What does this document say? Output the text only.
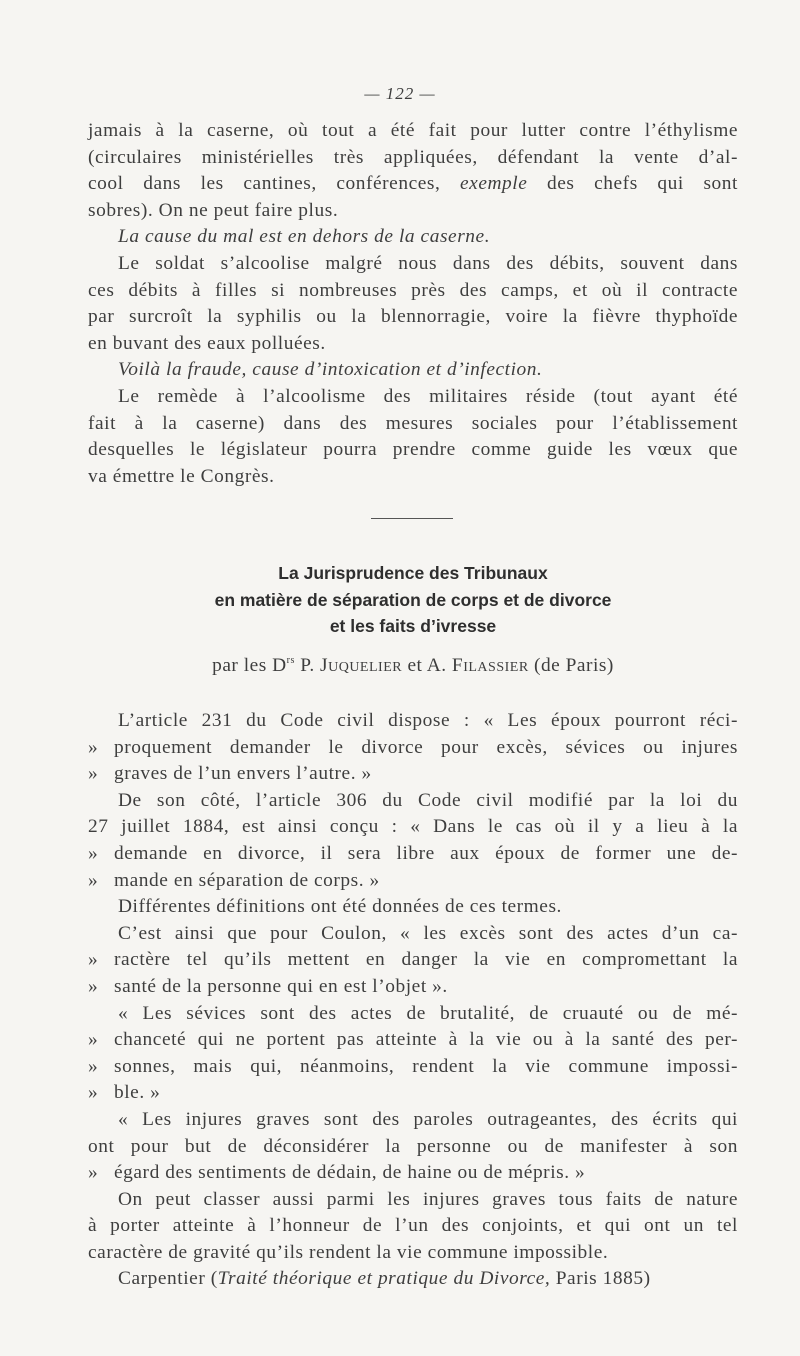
— 122 —

jamais à la caserne, où tout a été fait pour lutter contre l’éthylisme

(circulaires ministérielles très appliquées, défendant la vente d’al-

cool dans les cantines, conférences, exemple des chefs qui sont

sobres). On ne peut faire plus.

La cause du mal est en dehors de la caserne.

Le soldat s’alcoolise malgré nous dans des débits, souvent dans

ces débits à filles si nombreuses près des camps, et où il contracte

par surcroît la syphilis ou la blennorragie, voire la fièvre thyphoïde

en buvant des eaux polluées.

Voilà la fraude, cause d’intoxication et d’infection.

Le remède à l’alcoolisme des militaires réside (tout ayant été

fait à la caserne) dans des mesures sociales pour l’établissement

desquelles le législateur pourra prendre comme guide les vœux que

va émettre le Congrès.

La Jurisprudence des Tribunaux
en matière de séparation de corps et de divorce
et les faits d’ivresse
par les $D^{rs}$ P. Juquelier et A. Filassier (de Paris)

L’article 231 du Code civil dispose : « Les époux pourront réci-

» proquement demander le divorce pour excès, sévices ou injures

» graves de l’un envers l’autre. »

De son côté, l’article 306 du Code civil modifié par la loi du

27 juillet 1884, est ainsi conçu : « Dans le cas où il y a lieu à la

» demande en divorce, il sera libre aux époux de former une de-

» mande en séparation de corps. »

Différentes définitions ont été données de ces termes.

C’est ainsi que pour Coulon, « les excès sont des actes d’un ca-

» ractère tel qu’ils mettent en danger la vie en compromettant la

» santé de la personne qui en est l’objet ».

« Les sévices sont des actes de brutalité, de cruauté ou de mé-

» chanceté qui ne portent pas atteinte à la vie ou à la santé des per-

» sonnes, mais qui, néanmoins, rendent la vie commune impossi-

» ble. »

« Les injures graves sont des paroles outrageantes, des écrits qui

ont pour but de déconsidérer la personne ou de manifester à son

» égard des sentiments de dédain, de haine ou de mépris. »

On peut classer aussi parmi les injures graves tous faits de nature

à porter atteinte à l’honneur de l’un des conjoints, et qui ont un tel

caractère de gravité qu’ils rendent la vie commune impossible.

Carpentier (Traité théorique et pratique du Divorce, Paris 1885)
